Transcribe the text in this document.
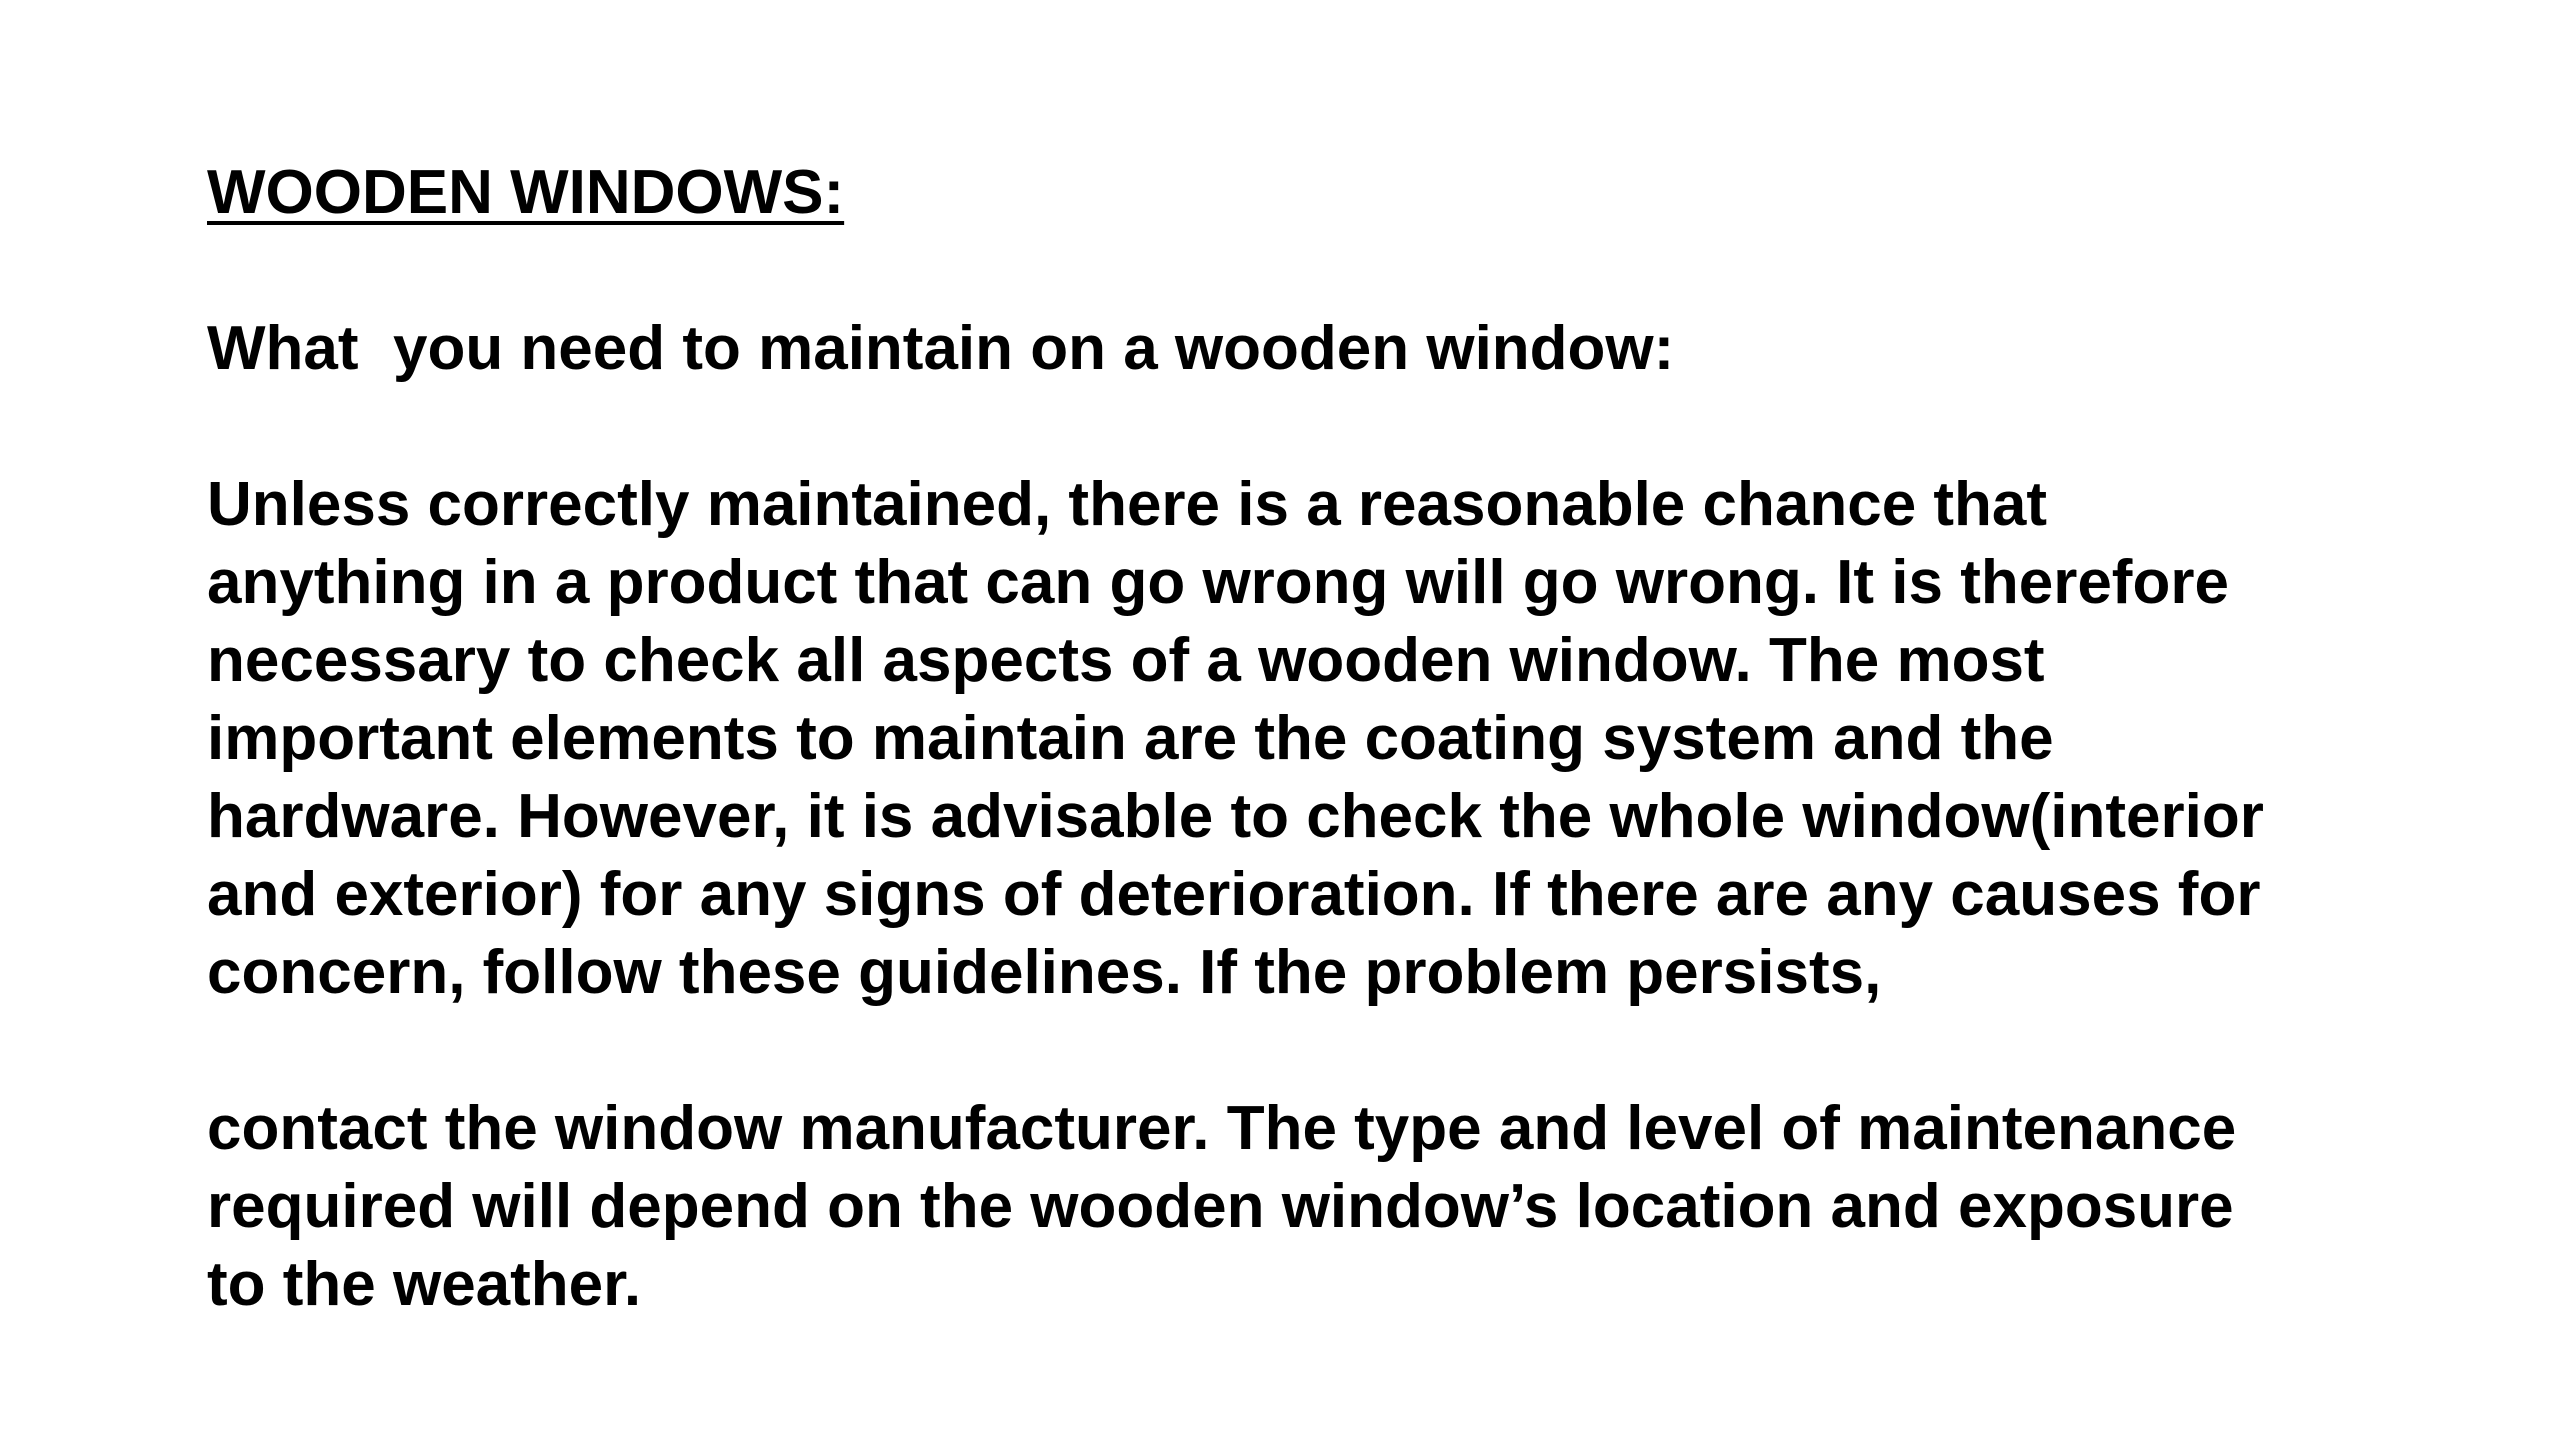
WOODEN WINDOWS:
What  you need to maintain on a wooden window:
Unless correctly maintained, there is a reasonable chance that
anything in a product that can go wrong will go wrong. It is therefore
necessary to check all aspects of a wooden window. The most
important elements to maintain are the coating system and the
hardware. However, it is advisable to check the whole window(interior
and exterior) for any signs of deterioration. If there are any causes for
concern, follow these guidelines. If the problem persists,
contact the window manufacturer. The type and level of maintenance
required will depend on the wooden window’s location and exposure
to the weather.
